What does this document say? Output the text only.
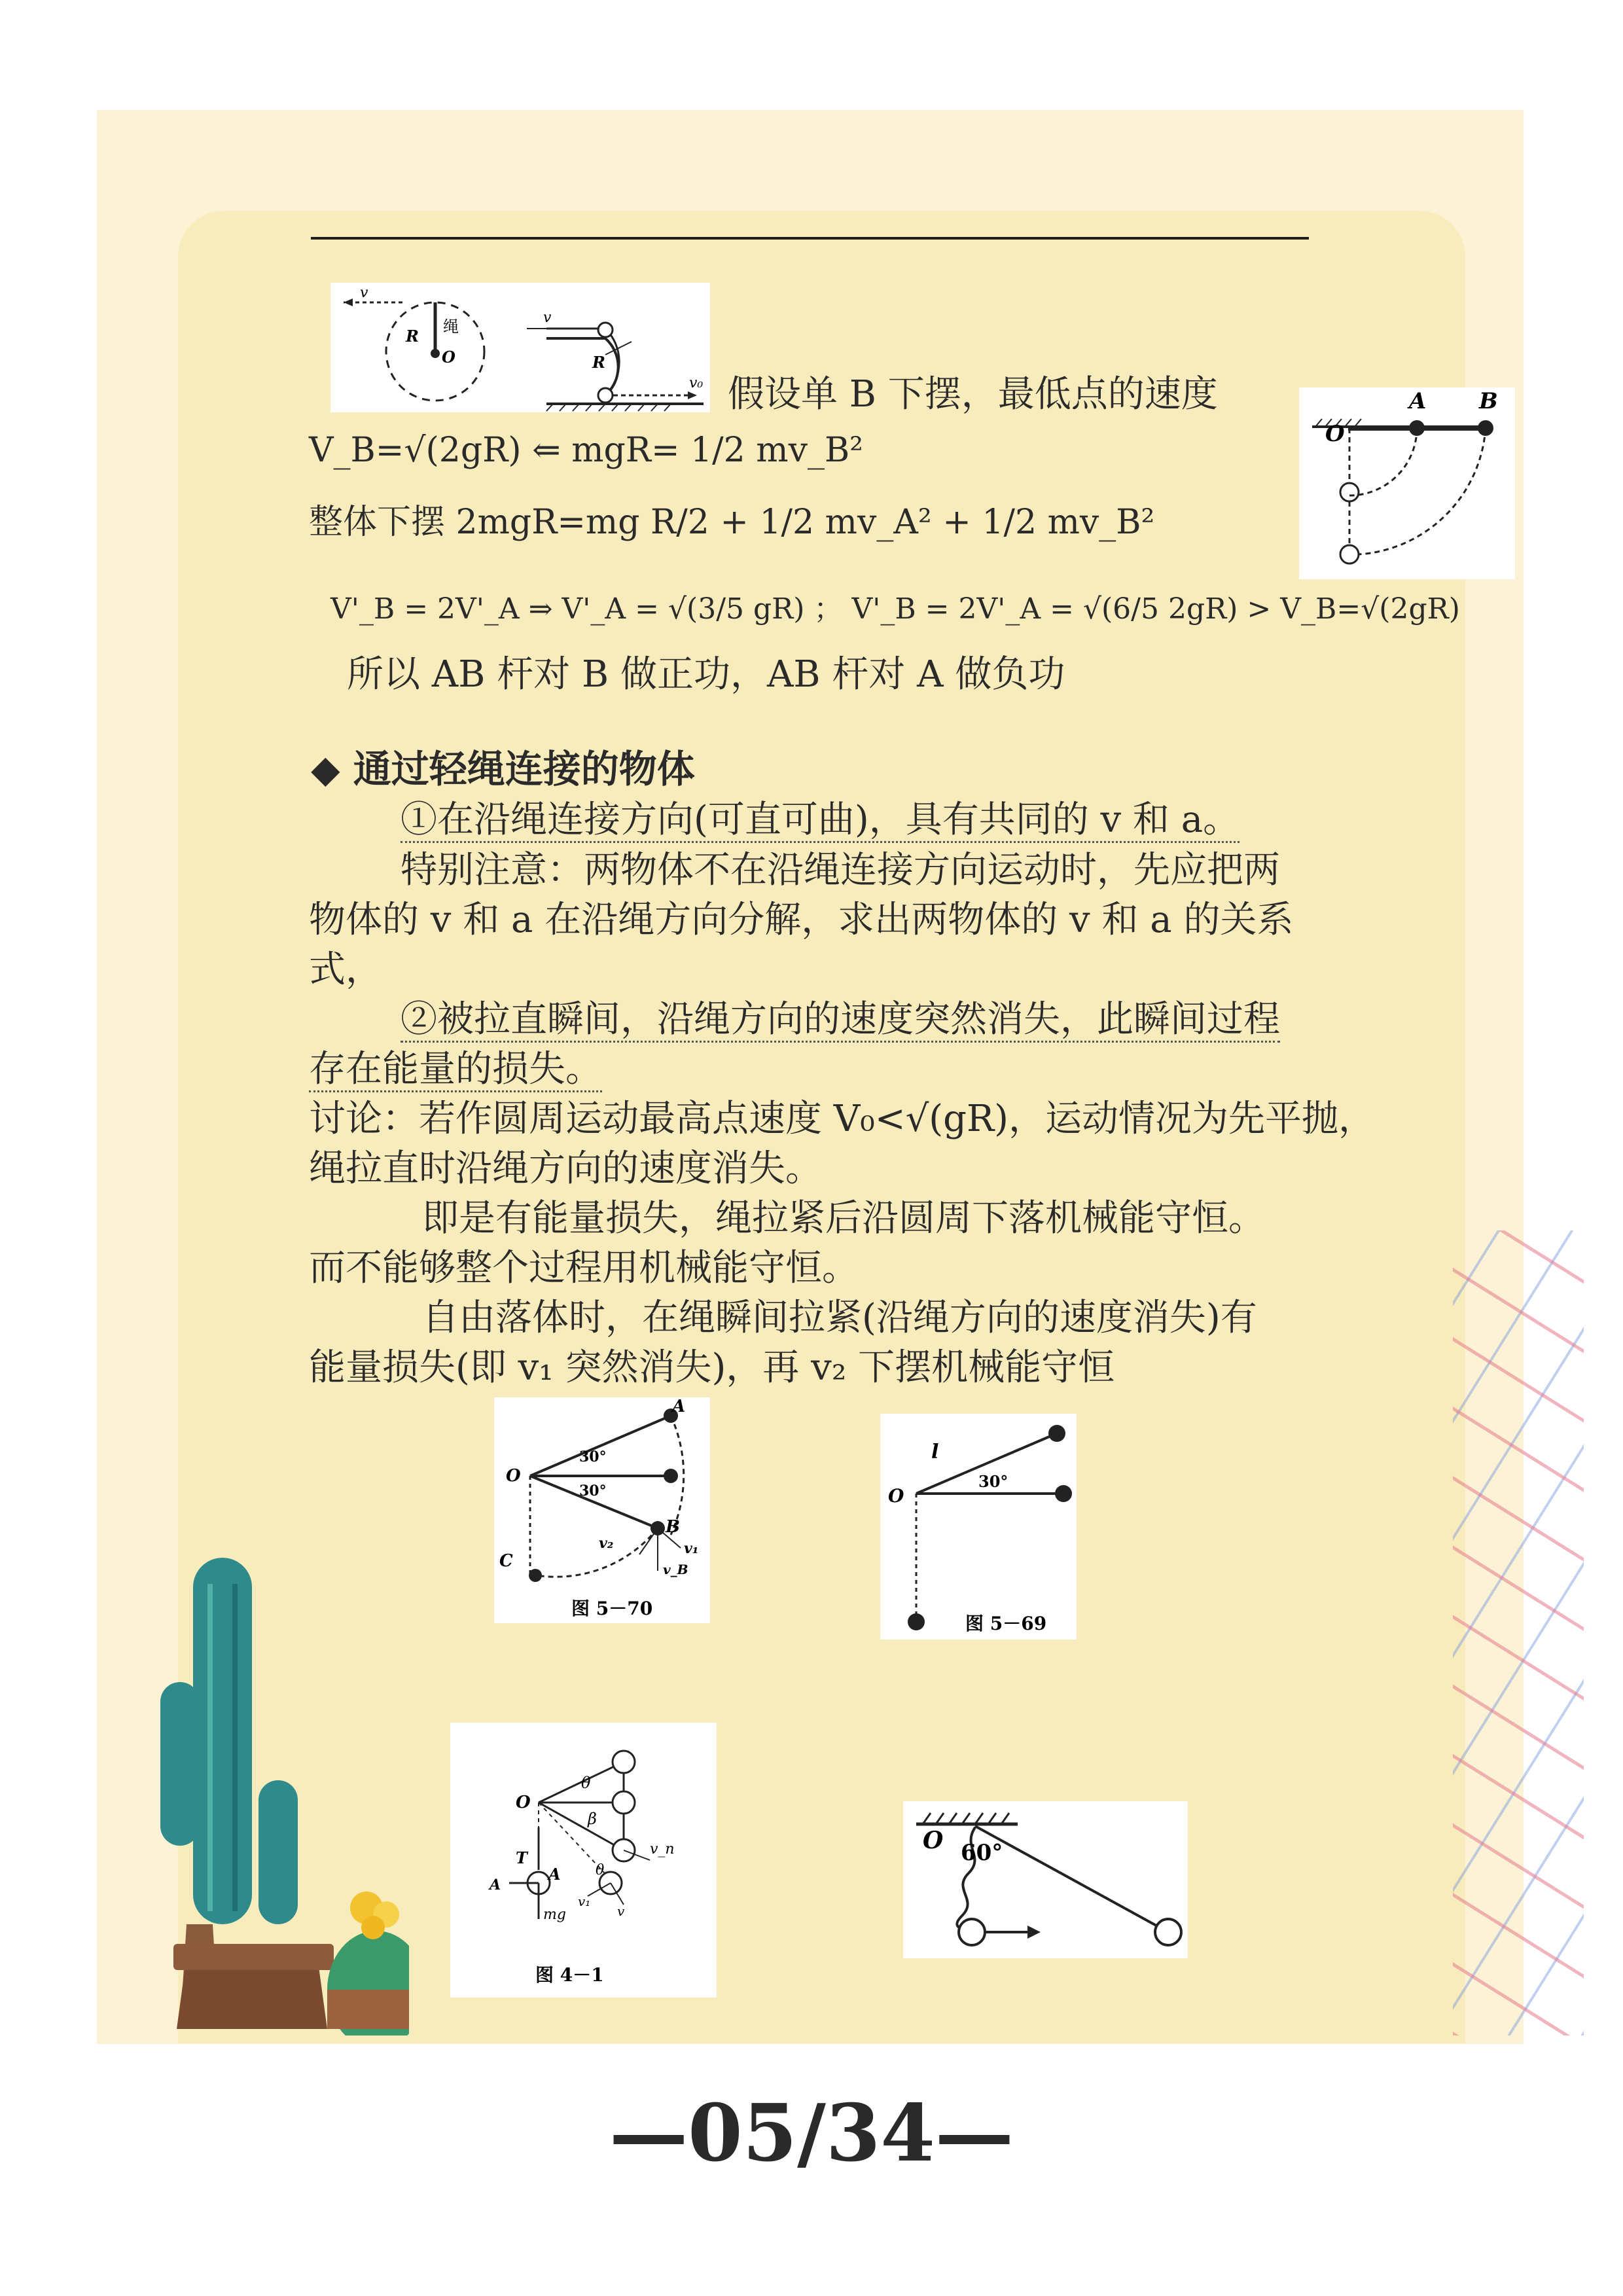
v
R 绳
O
v
R
v₀
O
A B
假设单 B 下摆，最低点的速度
V_B=√(2gR) ⇐ mgR= 1/2 mv_B²
整体下摆 2mgR=mg R/2 + 1/2 mv_A² + 1/2 mv_B²
V'_B = 2V'_A ⇒ V'_A = √(3/5 gR) ； V'_B = 2V'_A = √(6/5 2gR) > V_B=√(2gR)
所以 AB 杆对 B 做正功，AB 杆对 A 做负功
◆ 通过轻绳连接的物体
①在沿绳连接方向(可直可曲)，具有共同的 v 和 a。
特别注意：两物体不在沿绳连接方向运动时，先应把两
物体的 v 和 a 在沿绳方向分解，求出两物体的 v 和 a 的关系
式，
②被拉直瞬间，沿绳方向的速度突然消失，此瞬间过程
存在能量的损失。
讨论：若作圆周运动最高点速度 V₀<√(gR)，运动情况为先平抛，
绳拉直时沿绳方向的速度消失。
即是有能量损失，绳拉紧后沿圆周下落机械能守恒。
而不能够整个过程用机械能守恒。
自由落体时，在绳瞬间拉紧(沿绳方向的速度消失)有
能量损失(即 v₁ 突然消失)，再 v₂ 下摆机械能守恒
A
O
30°
30°
B
C
v₂	v₁
v_B
图 5－70
l
O
30°
图 5－69
O
θ
β
T
A
A θ
v_n
v₁
v
mg
图 4－1
O 60°
—05/34—
